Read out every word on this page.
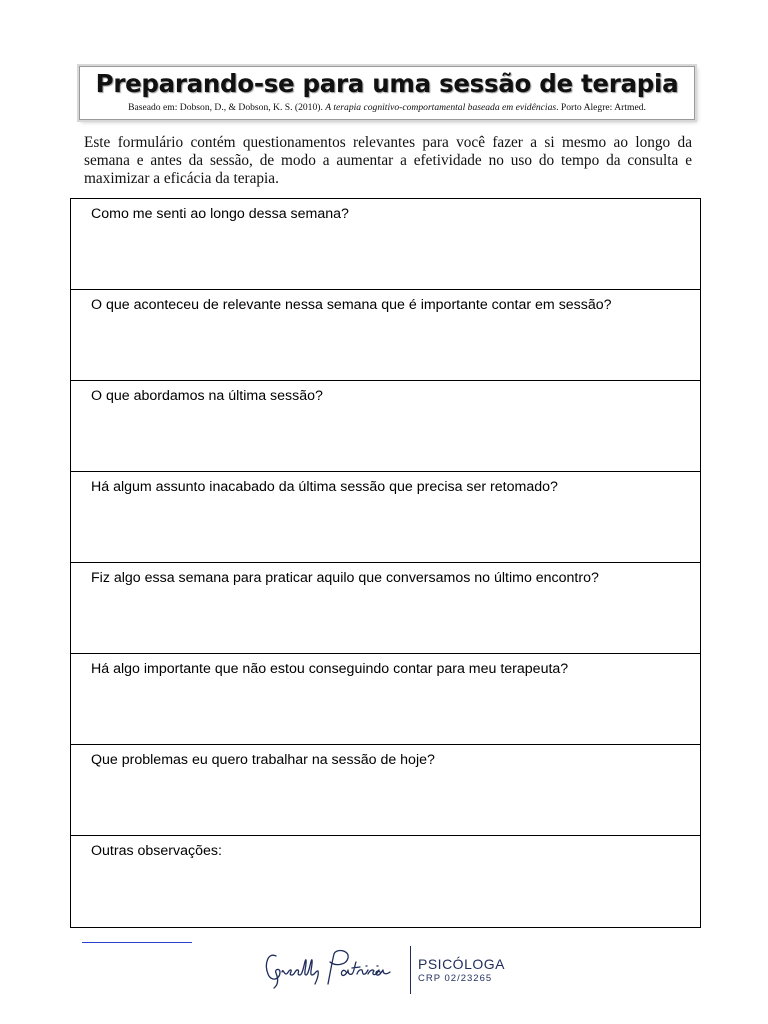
Preparando-se para uma sessão de terapia
Baseado em: Dobson, D., & Dobson, K. S. (2010). A terapia cognitivo-comportamental baseada em evidências. Porto Alegre: Artmed.
Este formulário contém questionamentos relevantes para você fazer a si mesmo ao longo da semana e antes da sessão, de modo a aumentar a efetividade no uso do tempo da consulta e maximizar a eficácia da terapia.
Como me senti ao longo dessa semana?
O que aconteceu de relevante nessa semana que é importante contar em sessão?
O que abordamos na última sessão?
Há algum assunto inacabado da última sessão que precisa ser retomado?
Fiz algo essa semana para praticar aquilo que conversamos no último encontro?
Há algo importante que não estou conseguindo contar para meu terapeuta?
Que problemas eu quero trabalhar na sessão de hoje?
Outras observações:
PSICÓLOGA
CRP 02/23265
